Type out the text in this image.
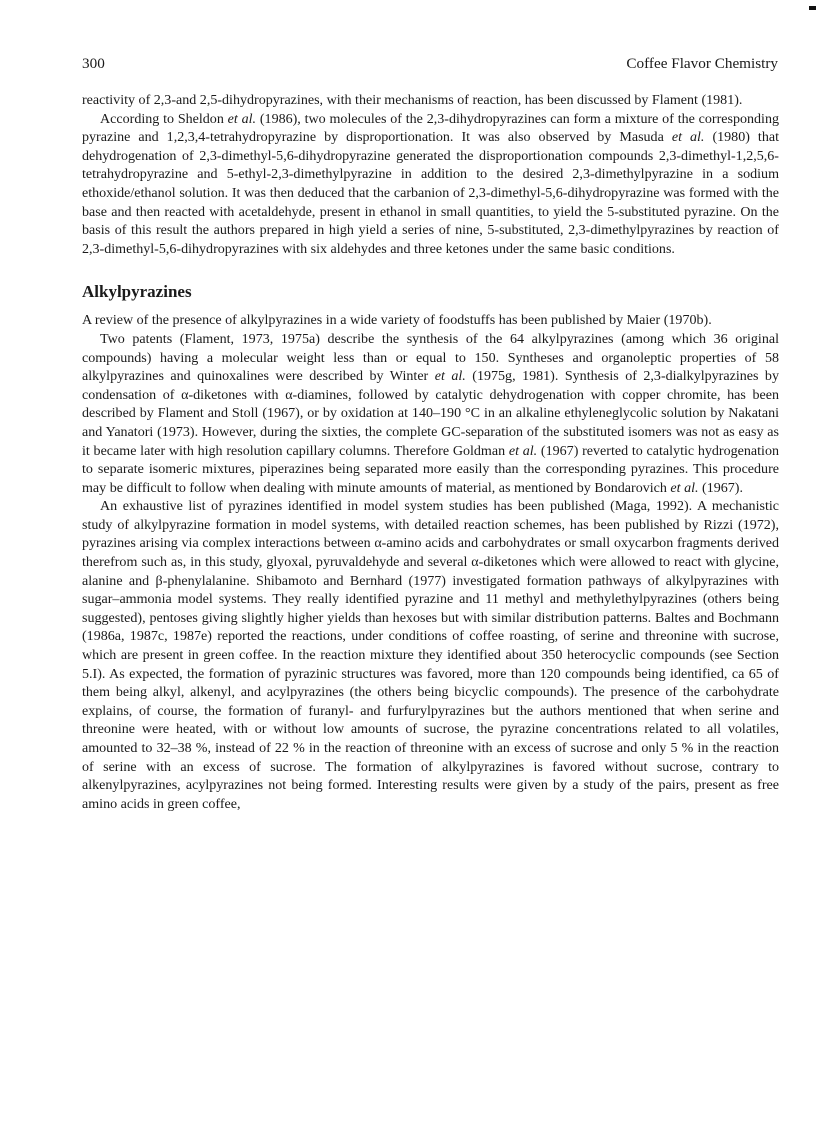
300	Coffee Flavor Chemistry

reactivity of 2,3-and 2,5-dihydropyrazines, with their mechanisms of reaction, has been discussed by Flament (1981).

According to Sheldon et al. (1986), two molecules of the 2,3-dihydropyrazines can form a mixture of the corresponding pyrazine and 1,2,3,4-tetrahydropyrazine by disproportionation. It was also observed by Masuda et al. (1980) that dehydrogenation of 2,3-dimethyl-5,6-dihydropyrazine generated the disproportionation compounds 2,3-dimethyl-1,2,5,6-tetrahydropyrazine and 5-ethyl-2,3-dimethylpyrazine in addition to the desired 2,3-dimethylpyrazine in a sodium ethoxide/ethanol solution. It was then deduced that the carbanion of 2,3-dimethyl-5,6-dihydropyrazine was formed with the base and then reacted with acetaldehyde, present in ethanol in small quantities, to yield the 5-substituted pyrazine. On the basis of this result the authors prepared in high yield a series of nine, 5-substituted, 2,3-dimethylpyrazines by reaction of 2,3-dimethyl-5,6-dihydropyrazines with six aldehydes and three ketones under the same basic conditions.

Alkylpyrazines

A review of the presence of alkylpyrazines in a wide variety of foodstuffs has been published by Maier (1970b).

Two patents (Flament, 1973, 1975a) describe the synthesis of the 64 alkylpyrazines (among which 36 original compounds) having a molecular weight less than or equal to 150. Syntheses and organoleptic properties of 58 alkylpyrazines and quinoxalines were described by Winter et al. (1975g, 1981). Synthesis of 2,3-dialkylpyrazines by condensation of α-diketones with α-diamines, followed by catalytic dehydrogenation with copper chromite, has been described by Flament and Stoll (1967), or by oxidation at 140–190 °C in an alkaline ethyleneglycolic solution by Nakatani and Yanatori (1973). However, during the sixties, the complete GC-separation of the substituted isomers was not as easy as it became later with high resolution capillary columns. Therefore Goldman et al. (1967) reverted to catalytic hydrogenation to separate isomeric mixtures, piperazines being separated more easily than the corresponding pyrazines. This procedure may be difficult to follow when dealing with minute amounts of material, as mentioned by Bondarovich et al. (1967).

An exhaustive list of pyrazines identified in model system studies has been published (Maga, 1992). A mechanistic study of alkylpyrazine formation in model systems, with detailed reaction schemes, has been published by Rizzi (1972), pyrazines arising via complex interactions between α-amino acids and carbohydrates or small oxycarbon fragments derived therefrom such as, in this study, glyoxal, pyruvaldehyde and several α-diketones which were allowed to react with glycine, alanine and β-phenylalanine. Shibamoto and Bernhard (1977) investigated formation pathways of alkylpyrazines with sugar–ammonia model systems. They really identified pyrazine and 11 methyl and methylethylpyrazines (others being suggested), pentoses giving slightly higher yields than hexoses but with similar distribution patterns. Baltes and Bochmann (1986a, 1987c, 1987e) reported the reactions, under conditions of coffee roasting, of serine and threonine with sucrose, which are present in green coffee. In the reaction mixture they identified about 350 heterocyclic compounds (see Section 5.I). As expected, the formation of pyrazinic structures was favored, more than 120 compounds being identified, ca 65 of them being alkyl, alkenyl, and acylpyrazines (the others being bicyclic compounds). The presence of the carbohydrate explains, of course, the formation of furanyl- and furfurylpyrazines but the authors mentioned that when serine and threonine were heated, with or without low amounts of sucrose, the pyrazine concentrations related to all volatiles, amounted to 32–38 %, instead of 22 % in the reaction of threonine with an excess of sucrose and only 5 % in the reaction of serine with an excess of sucrose. The formation of alkylpyrazines is favored without sucrose, contrary to alkenylpyrazines, acylpyrazines not being formed. Interesting results were given by a study of the pairs, present as free amino acids in green coffee,
